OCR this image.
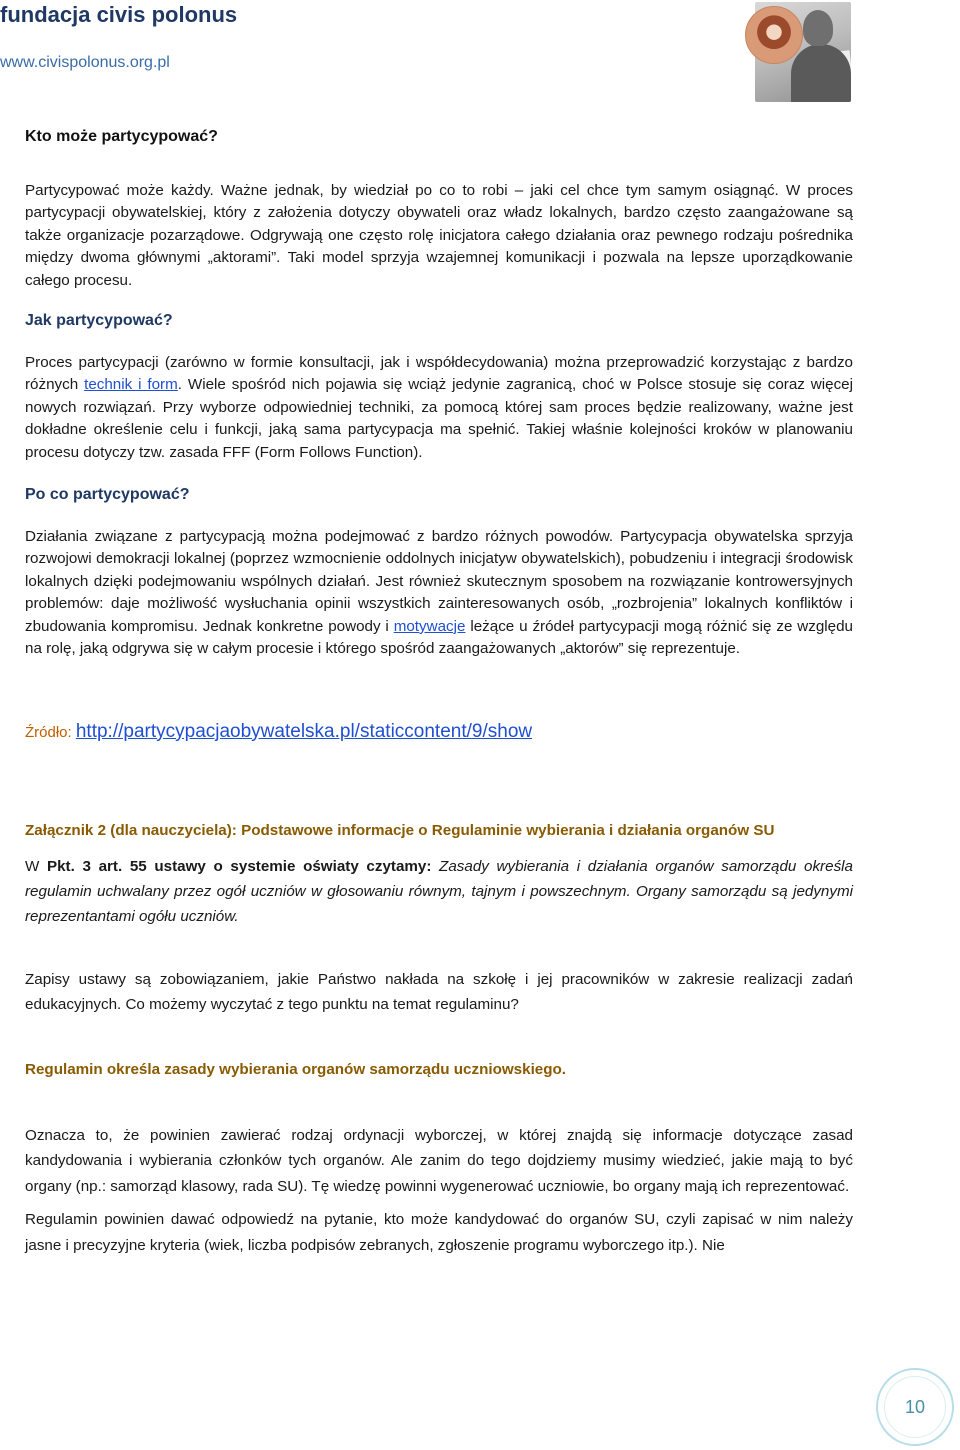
fundacja civis polonus
www.civispolonus.org.pl
Kto może partycypować?

Partycypować może każdy. Ważne jednak, by wiedział po co to robi – jaki cel chce tym samym osiągnąć. W proces partycypacji obywatelskiej, który z założenia dotyczy obywateli oraz władz lokalnych, bardzo często zaangażowane są także organizacje pozarządowe. Odgrywają one często rolę inicjatora całego działania oraz pewnego rodzaju pośrednika między dwoma głównymi „aktorami”. Taki model sprzyja wzajemnej komunikacji i pozwala na lepsze uporządkowanie całego procesu.

Jak partycypować?

Proces partycypacji (zarówno w formie konsultacji, jak i współdecydowania) można przeprowadzić korzystając z bardzo różnych technik i form. Wiele spośród nich pojawia się wciąż jedynie zagranicą, choć w Polsce stosuje się coraz więcej nowych rozwiązań. Przy wyborze odpowiedniej techniki, za pomocą której sam proces będzie realizowany, ważne jest dokładne określenie celu i funkcji, jaką sama partycypacja ma spełnić. Takiej właśnie kolejności kroków w planowaniu procesu dotyczy tzw. zasada FFF (Form Follows Function).

Po co partycypować?

Działania związane z partycypacją można podejmować z bardzo różnych powodów. Partycypacja obywatelska sprzyja rozwojowi demokracji lokalnej (poprzez wzmocnienie oddolnych inicjatyw obywatelskich), pobudzeniu i integracji środowisk lokalnych dzięki podejmowaniu wspólnych działań. Jest również skutecznym sposobem na rozwiązanie kontrowersyjnych problemów: daje możliwość wysłuchania opinii wszystkich zainteresowanych osób, „rozbrojenia” lokalnych konfliktów i zbudowania kompromisu. Jednak konkretne powody i motywacje leżące u źródeł partycypacji mogą różnić się ze względu na rolę, jaką odgrywa się w całym procesie i którego spośród zaangażowanych „aktorów” się reprezentuje.

Źródło: http://partycypacjaobywatelska.pl/staticcontent/9/show
Załącznik 2 (dla nauczyciela): Podstawowe informacje o Regulaminie wybierania i działania organów SU

W Pkt. 3 art. 55 ustawy o systemie oświaty czytamy: Zasady wybierania i działania organów samorządu określa regulamin uchwalany przez ogół uczniów w głosowaniu równym, tajnym i powszechnym. Organy samorządu są jedynymi reprezentantami ogółu uczniów.

Zapisy ustawy są zobowiązaniem, jakie Państwo nakłada na szkołę i jej pracowników w zakresie realizacji zadań edukacyjnych. Co możemy wyczytać z tego punktu na temat regulaminu?

Regulamin określa zasady wybierania organów samorządu uczniowskiego.

Oznacza to, że powinien zawierać rodzaj ordynacji wyborczej, w której znajdą się informacje dotyczące zasad kandydowania i wybierania członków tych organów. Ale zanim do tego dojdziemy musimy wiedzieć, jakie mają to być organy (np.: samorząd klasowy, rada SU). Tę wiedzę powinni wygenerować uczniowie, bo organy mają ich reprezentować.

Regulamin powinien dawać odpowiedź na pytanie, kto może kandydować do organów SU, czyli zapisać w nim należy jasne i precyzyjne kryteria (wiek, liczba podpisów zebranych, zgłoszenie programu wyborczego itp.). Nie

10
